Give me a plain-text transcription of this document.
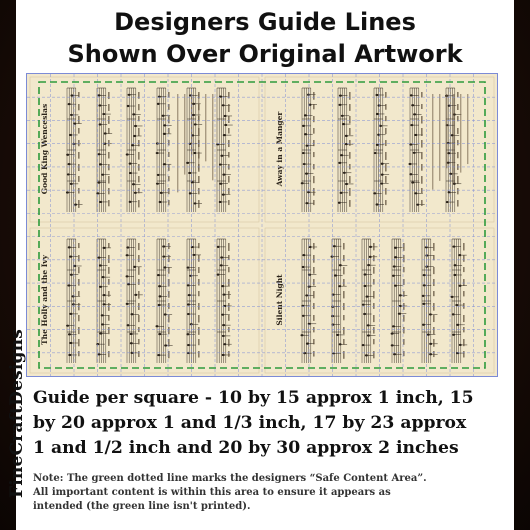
Designers Guide Lines
Shown Over Original Artwork
Good King Wenceslas	Away in a Manger
The Holly and the Ivy	Silent Night
Guide per square - 10 by 15 approx 1 inch, 15
by 20 approx 1 and 1/3 inch, 17 by 23 approx
1 and 1/2 inch and 20 by 30 approx 2 inches
Note: The green dotted line marks the designers “Safe Content Area”.
All important content is within this area to ensure it appears as
intended (the green line isn't printed).
FineCraftDesigns
